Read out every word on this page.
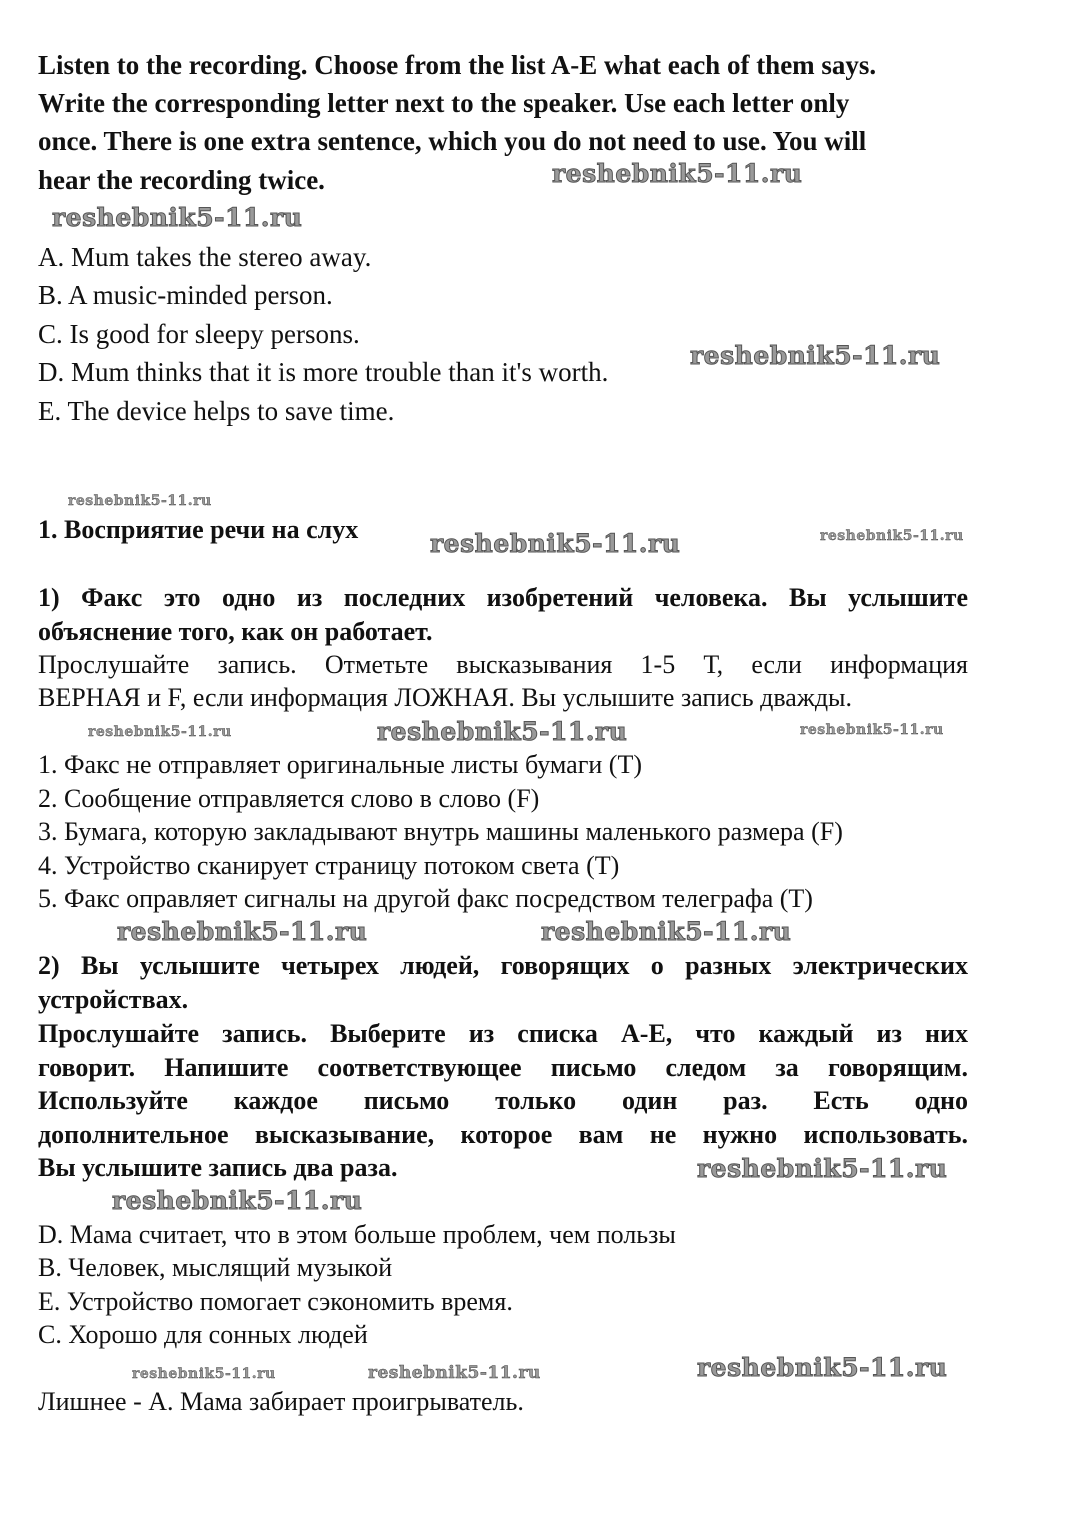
Listen to the recording. Choose from the list A-E what each of them says.
Write the corresponding letter next to the speaker. Use each letter only
once. There is one extra sentence, which you do not need to use. You will
hear the recording twice.
A. Mum takes the stereo away.
B. A music-minded person.
C. Is good for sleepy persons.
D. Mum thinks that it is more trouble than it's worth.
E. The device helps to save time.
1. Восприятие речи на слух
1) Факс это одно из последних изобретений человека. Вы услышите
объяснение того, как он работает.
Прослушайте запись. Отметьте высказывания 1-5 Т, если информация
ВЕРНАЯ и F, если информация ЛОЖНАЯ. Вы услышите запись дважды.
1. Факс не отправляет оригинальные листы бумаги (T)
2. Сообщение отправляется слово в слово (F)
3. Бумага, которую закладывают внутрь машины маленького размера (F)
4. Устройство сканирует страницу потоком света (T)
5. Факс оправляет сигналы на другой факс посредством телеграфа (T)
2) Вы услышите четырех людей, говорящих о разных электрических
устройствах.
Прослушайте запись. Выберите из списка A-E, что каждый из них
говорит. Напишите соответствующее письмо следом за говорящим.
Используйте каждое письмо только один раз. Есть одно
дополнительное высказывание, которое вам не нужно использовать.
Вы услышите запись два раза.
D. Мама считает, что в этом больше проблем, чем пользы
B. Человек, мыслящий музыкой
E. Устройство помогает сэкономить время.
C. Хорошо для сонных людей
Лишнее - А. Мама забирает проигрыватель.
reshebnik5-11.ru
reshebnik5-11.ru
reshebnik5-11.ru
reshebnik5-11.ru
reshebnik5-11.ru	reshebnik5-11.ru
reshebnik5-11.ru	reshebnik5-11.ru
reshebnik5-11.ru
reshebnik5-11.ru
reshebnik5-11.ru
reshebnik5-11.ru
reshebnik5-11.ru
reshebnik5-11.ru
reshebnik5-11.ru	reshebnik5-11.ru
